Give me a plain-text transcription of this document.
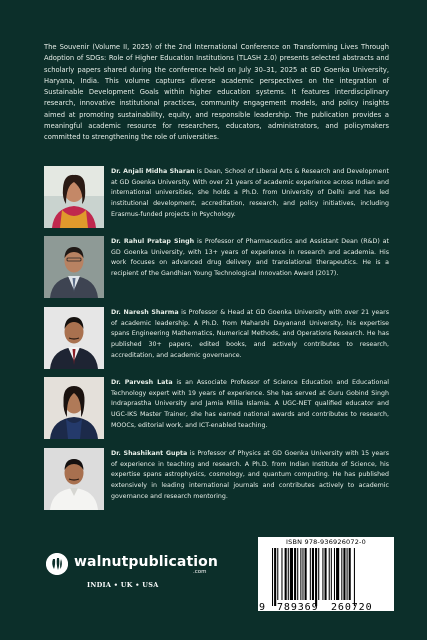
The Souvenir (Volume II, 2025) of the 2nd International Conference on Transforming Lives Through Adoption of SDGs: Role of Higher Education Institutions (TLASH 2.0) presents selected abstracts and scholarly papers shared during the conference held on July 30–31, 2025 at GD Goenka University, Haryana, India. This volume captures diverse academic perspectives on the integration of Sustainable Development Goals within higher education systems. It features interdisciplinary research, innovative institutional practices, community engagement models, and policy insights aimed at promoting sustainability, equity, and responsible leadership. The publication provides a meaningful academic resource for researchers, educators, administrators, and policymakers committed to strengthening the role of universities.
Dr. Anjali Midha Sharan is Dean, School of Liberal Arts & Research and Development at GD Goenka University. With over 21 years of academic experience across Indian and international universities, she holds a Ph.D. from University of Delhi and has led institutional development, accreditation, research, and policy initiatives, including Erasmus-funded projects in Psychology.
Dr. Rahul Pratap Singh is Professor of Pharmaceutics and Assistant Dean (R&D) at GD Goenka University, with 13+ years of experience in research and academia. His work focuses on advanced drug delivery and translational therapeutics. He is a recipient of the Gandhian Young Technological Innovation Award (2017).
Dr. Naresh Sharma is Professor & Head at GD Goenka University with over 21 years of academic leadership. A Ph.D. from Maharshi Dayanand University, his expertise spans Engineering Mathematics, Numerical Methods, and Operations Research. He has published 30+ papers, edited books, and actively contributes to research, accreditation, and academic governance.
Dr. Parvesh Lata is an Associate Professor of Science Education and Educational Technology expert with 19 years of experience. She has served at Guru Gobind Singh Indraprastha University and Jamia Millia Islamia. A UGC-NET qualified educator and UGC-IKS Master Trainer, she has earned national awards and contributes to research, MOOCs, editorial work, and ICT-enabled teaching.
Dr. Shashikant Gupta is Professor of Physics at GD Goenka University with 15 years of experience in teaching and research. A Ph.D. from Indian Institute of Science, his expertise spans astrophysics, cosmology, and quantum computing. He has published extensively in leading international journals and contributes actively to academic governance and research mentoring.
walnutpublication
.com
INDIA • UK • USA
ISBN 978-936926072-0
9 789369 260720
